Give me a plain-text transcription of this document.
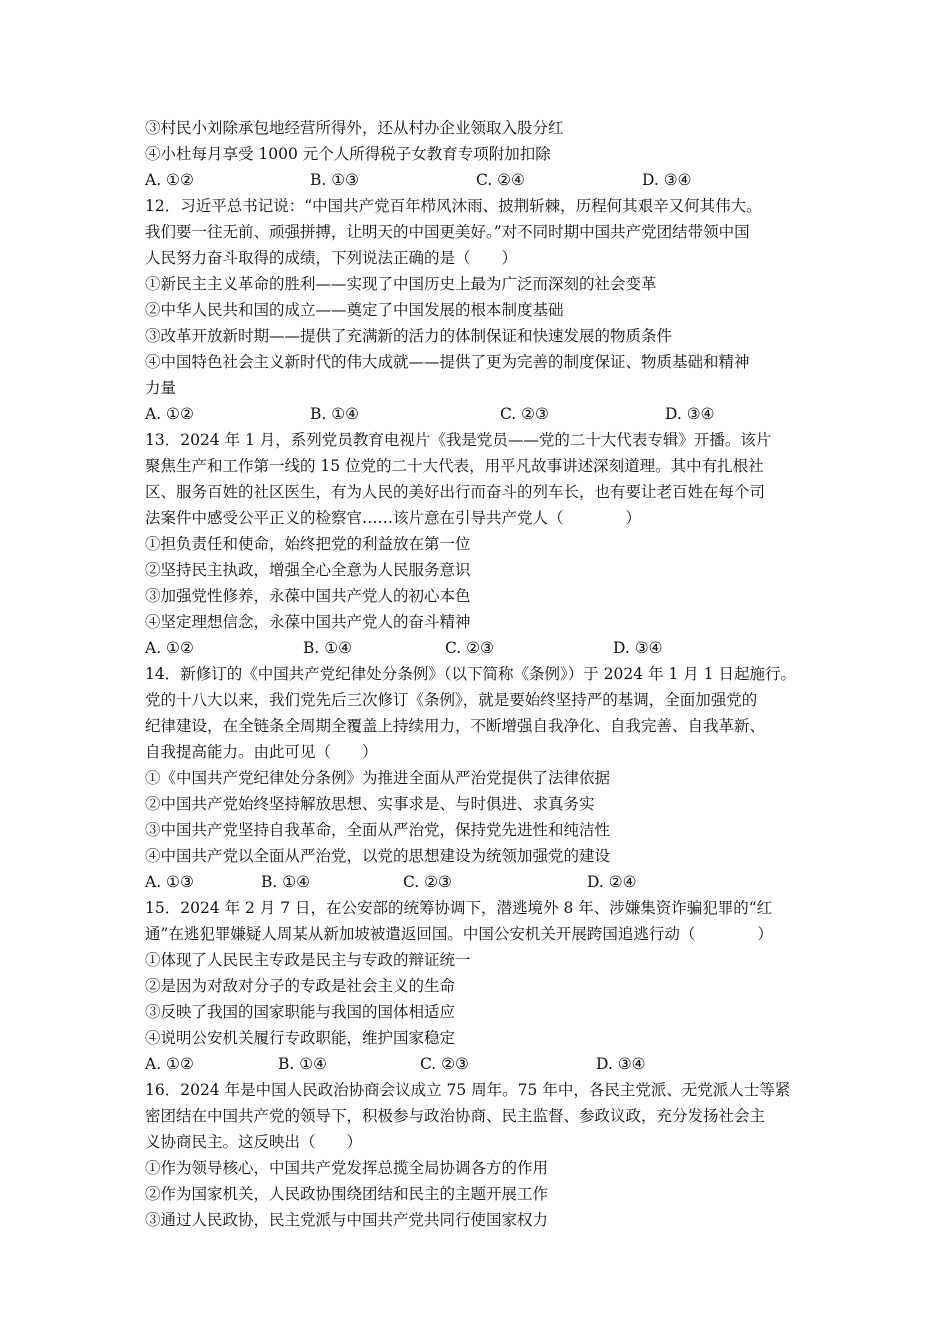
③村民小刘除承包地经营所得外，还从村办企业领取入股分红
④小杜每月享受 1000 元个人所得税子女教育专项附加扣除
A. ①②	B. ①③	C. ②④	D. ③④
12．习近平总书记说：“中国共产党百年栉风沐雨、披荆斩棘，历程何其艰辛又何其伟大。
我们要一往无前、顽强拼搏，让明天的中国更美好。”对不同时期中国共产党团结带领中国
人民努力奋斗取得的成绩，下列说法正确的是（　　）
①新民主主义革命的胜利——实现了中国历史上最为广泛而深刻的社会变革
②中华人民共和国的成立——奠定了中国发展的根本制度基础
③改革开放新时期——提供了充满新的活力的体制保证和快速发展的物质条件
④中国特色社会主义新时代的伟大成就——提供了更为完善的制度保证、物质基础和精神
力量
A. ①②	B. ①④	C. ②③	D. ③④
13．2024 年 1 月，系列党员教育电视片《我是党员——党的二十大代表专辑》开播。该片
聚焦生产和工作第一线的 15 位党的二十大代表，用平凡故事讲述深刻道理。其中有扎根社
区、服务百姓的社区医生，有为人民的美好出行而奋斗的列车长，也有要让老百姓在每个司
法案件中感受公平正义的检察官……该片意在引导共产党人（　　　　）
①担负责任和使命，始终把党的利益放在第一位
②坚持民主执政，增强全心全意为人民服务意识
③加强党性修养，永葆中国共产党人的初心本色
④坚定理想信念，永葆中国共产党人的奋斗精神
A. ①②	B. ①④	C. ②③	D. ③④
14．新修订的《中国共产党纪律处分条例》（以下简称《条例》）于 2024 年 1 月 1 日起施行。
党的十八大以来，我们党先后三次修订《条例》，就是要始终坚持严的基调，全面加强党的
纪律建设，在全链条全周期全覆盖上持续用力，不断增强自我净化、自我完善、自我革新、
自我提高能力。由此可见（　　）
①《中国共产党纪律处分条例》为推进全面从严治党提供了法律依据
②中国共产党始终坚持解放思想、实事求是、与时俱进、求真务实
③中国共产党坚持自我革命，全面从严治党，保持党先进性和纯洁性
④中国共产党以全面从严治党，以党的思想建设为统领加强党的建设
A. ①③	B. ①④	C. ②③	D. ②④
15．2024 年 2 月 7 日，在公安部的统筹协调下，潜逃境外 8 年、涉嫌集资诈骗犯罪的“红
通”在逃犯罪嫌疑人周某从新加坡被遣返回国。中国公安机关开展跨国追逃行动（　　　　）
①体现了人民民主专政是民主与专政的辩证统一
②是因为对敌对分子的专政是社会主义的生命
③反映了我国的国家职能与我国的国体相适应
④说明公安机关履行专政职能，维护国家稳定
A. ①②	B. ①④	C. ②③	D. ③④
16．2024 年是中国人民政治协商会议成立 75 周年。75 年中，各民主党派、无党派人士等紧
密团结在中国共产党的领导下，积极参与政治协商、民主监督、参政议政，充分发扬社会主
义协商民主。这反映出（　　）
①作为领导核心，中国共产党发挥总揽全局协调各方的作用
②作为国家机关，人民政协围绕团结和民主的主题开展工作
③通过人民政协，民主党派与中国共产党共同行使国家权力
